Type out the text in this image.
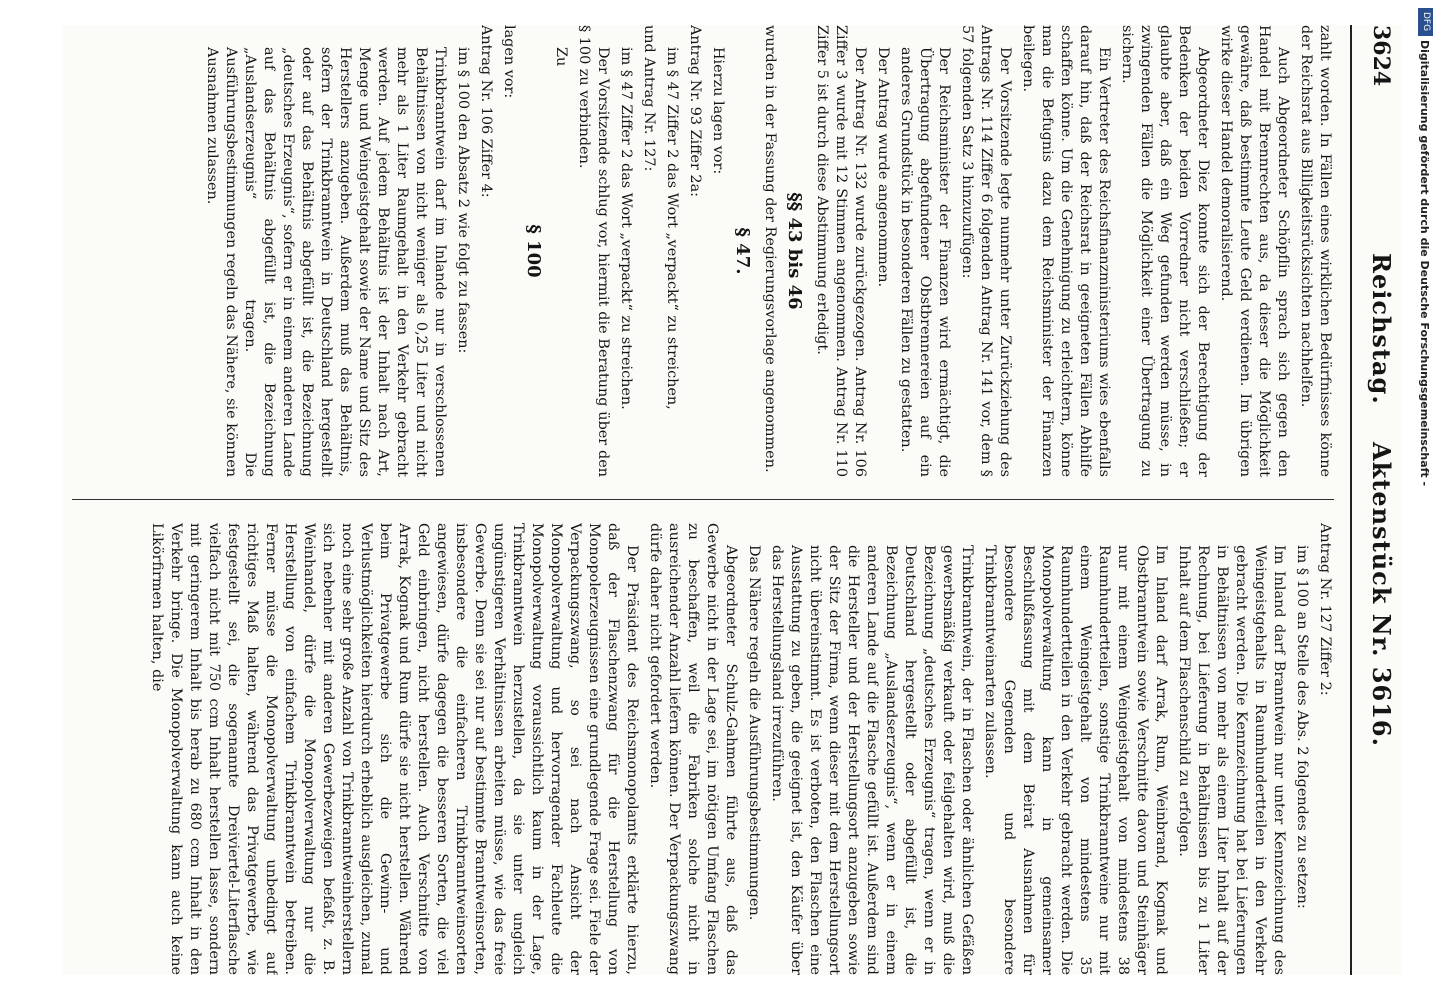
3624
Reichstag. Aktenstück Nr. 3616.

zahlt worden. In Fällen eines wirklichen Bedürfnisses könne der Reichsrat aus Billigkeitsrücksichten nachhelfen.

Auch Abgeordneter Schöpflin sprach sich gegen den Handel mit Brennrechten aus, da dieser die Möglichkeit gewähre, daß bestimmte Leute Geld verdienen. Im übrigen wirke dieser Handel demoralisierend.

Abgeordneter Diez konnte sich der Berechtigung der Bedenken der beiden Vorredner nicht verschließen; er glaubte aber, daß ein Weg gefunden werden müsse, in zwingenden Fällen die Möglichkeit einer Übertragung zu sichern.

Ein Vertreter des Reichsfinanzministeriums wies ebenfalls darauf hin, daß der Reichsrat in geeigneten Fällen Abhilfe schaffen könne. Um die Genehmigung zu erleichtern, könne man die Befugnis dazu dem Reichsminister der Finanzen beilegen.

Der Vorsitzende legte nunmehr unter Zurückziehung des Antrags Nr. 114 Ziffer 6 folgenden Antrag Nr. 141 vor, dem § 57 folgenden Satz 3 hinzuzufügen:

Der Reichsminister der Finanzen wird ermächtigt, die Übertragung abgefundener Obstbrennereien auf ein anderes Grundstück in besonderen Fällen zu gestatten.

Der Antrag wurde angenommen.

Der Antrag Nr. 132 wurde zurückgezogen. Antrag Nr. 106 Ziffer 3 wurde mit 12 Stimmen angenommen. Antrag Nr. 110 Ziffer 5 ist durch diese Abstimmung erledigt.

§§ 43 bis 46

wurden in der Fassung der Regierungsvorlage angenommen.

§ 47.

Hierzu lagen vor:

Antrag Nr. 93 Ziffer 2a:

im § 47 Ziffer 2 das Wort „verpackt“ zu streichen,

und Antrag Nr. 127:

im § 47 Ziffer 2 das Wort „verpackt“ zu streichen.

Der Vorsitzende schlug vor, hiermit die Beratung über den § 100 zu verbinden.

Zu

§ 100

lagen vor:

Antrag Nr. 106 Ziffer 4:

im § 100 den Absatz 2 wie folgt zu fassen:

Trinkbranntwein darf im Inlande nur in verschlossenen Behältnissen von nicht weniger als 0,25 Liter und nicht mehr als 1 Liter Raumgehalt in den Verkehr gebracht werden. Auf jedem Behältnis ist der Inhalt nach Art, Menge und Weingeistgehalt sowie der Name und Sitz des Herstellers anzugeben. Außerdem muß das Behältnis, sofern der Trinkbranntwein in Deutschland hergestellt oder auf das Behältnis abgefüllt ist, die Bezeichnung „deutsches Erzeugnis“, sofern er in einem anderen Lande auf das Behältnis abgefüllt ist, die Bezeichnung „Auslandserzeugnis“ tragen. Die Ausführungsbestimmungen regeln das Nähere, sie können Ausnahmen zulassen.

Antrag Nr. 127 Ziffer 2:

im § 100 an Stelle des Abs. 2 folgendes zu setzen:

Im Inland darf Branntwein nur unter Kennzeichnung des Weingeistgehalts in Raumhundertteilen in den Verkehr gebracht werden. Die Kennzeichnung hat bei Lieferungen in Behältnissen von mehr als einem Liter Inhalt auf der Rechnung, bei Lieferung in Behältnissen bis zu 1 Liter Inhalt auf dem Flaschenschild zu erfolgen.

Im Inland darf Arrak, Rum, Weinbrand, Kognak und Obstbranntwein sowie Verschnitte davon und Steinhäger nur mit einem Weingeistgehalt von mindestens 38 Raumhundertteilen, sonstige Trinkbranntweine nur mit einem Weingeistgehalt von mindestens 35 Raumhundertteilen in den Verkehr gebracht werden. Die Monopolverwaltung kann in gemeinsamer Beschlußfassung mit dem Beirat Ausnahmen für besondere Gegenden und besondere Trinkbranntweinarten zulassen.

Trinkbranntwein, der in Flaschen oder ähnlichen Gefäßen gewerbsmäßig verkauft oder feilgehalten wird, muß die Bezeichnung „deutsches Erzeugnis“ tragen, wenn er in Deutschland hergestellt oder abgefüllt ist, die Bezeichnung „Auslandserzeugnis“, wenn er in einem anderen Lande auf die Flasche gefüllt ist. Außerdem sind die Hersteller und der Herstellungsort anzugeben sowie der Sitz der Firma, wenn dieser mit dem Herstellungsort nicht übereinstimmt. Es ist verboten, den Flaschen eine Ausstattung zu geben, die geeignet ist, den Käufer über das Herstellungsland irrezuführen.

Das Nähere regeln die Ausführungsbestimmungen.

Abgeordneter Schulz-Gahmen führte aus, daß das Gewerbe nicht in der Lage sei, im nötigen Umfang Flaschen zu beschaffen, weil die Fabriken solche nicht in ausreichender Anzahl liefern können. Der Verpackungszwang dürfe daher nicht gefordert werden.

Der Präsident des Reichsmonopolamts erklärte hierzu, daß der Flaschenzwang für die Herstellung von Monopolerzeugnissen eine grundlegende Frage sei. Fiele der Verpackungszwang, so sei nach Ansicht der Monopolverwaltung und hervorragender Fachleute die Monopolverwaltung voraussichtlich kaum in der Lage, Trinkbranntwein herzustellen, da sie unter ungleich ungünstigeren Verhältnissen arbeiten müsse, wie das freie Gewerbe. Denn sie sei nur auf bestimmte Branntweinsorten, insbesondere die einfacheren Trinkbranntweinsorten angewiesen, dürfe dagegen die besseren Sorten, die viel Geld einbringen, nicht herstellen. Auch Verschnitte von Arrak, Kognak und Rum dürfe sie nicht herstellen. Während beim Privatgewerbe sich die Gewinn- und Verlustmöglichkeiten hierdurch erheblich ausgleichen, zumal noch eine sehr große Anzahl von Trinkbranntweinherstellern sich nebenher mit anderen Gewerbezweigen befaßt, z. B. Weinhandel, dürfe die Monopolverwaltung nur die Herstellung von einfachem Trinkbranntwein betreiben. Ferner müsse die Monopolverwaltung unbedingt auf richtiges Maß halten, während das Privatgewerbe, wie festgestellt sei, die sogenannte Dreiviertel-Literflasche vielfach nicht mit 750 ccm Inhalt herstellen lasse, sondern mit geringerem Inhalt bis herab zu 680 ccm Inhalt in den Verkehr bringe. Die Monopolverwaltung kann auch keine Likörfirmen halten, die

DFG
Digitalisierung gefördert durch die Deutsche Forschungsgemeinschaft -
